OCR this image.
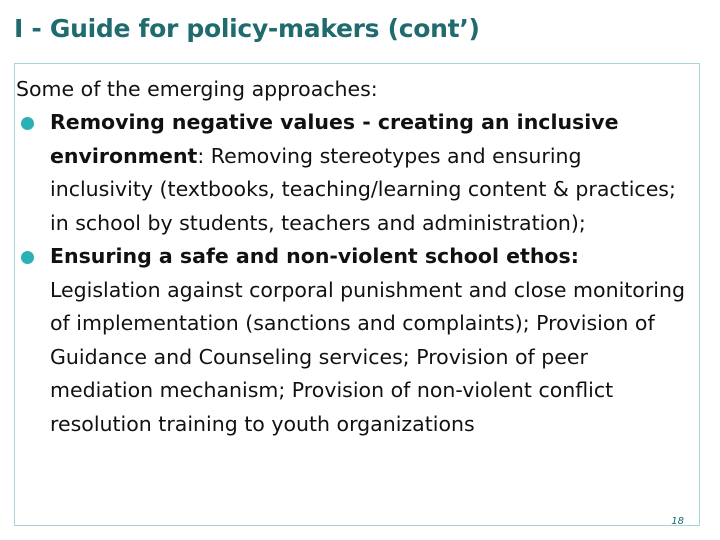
I - Guide for policy-makers (cont’)
Some of the emerging approaches:
Removing negative values - creating an inclusive environment: Removing stereotypes and ensuring inclusivity (textbooks, teaching/learning content & practices; in school by students, teachers and administration);
Ensuring a safe and non-violent school ethos: Legislation against corporal punishment and close monitoring of implementation (sanctions and complaints); Provision of Guidance and Counseling services; Provision of peer mediation mechanism; Provision of non-violent conflict resolution training to youth organizations
18
